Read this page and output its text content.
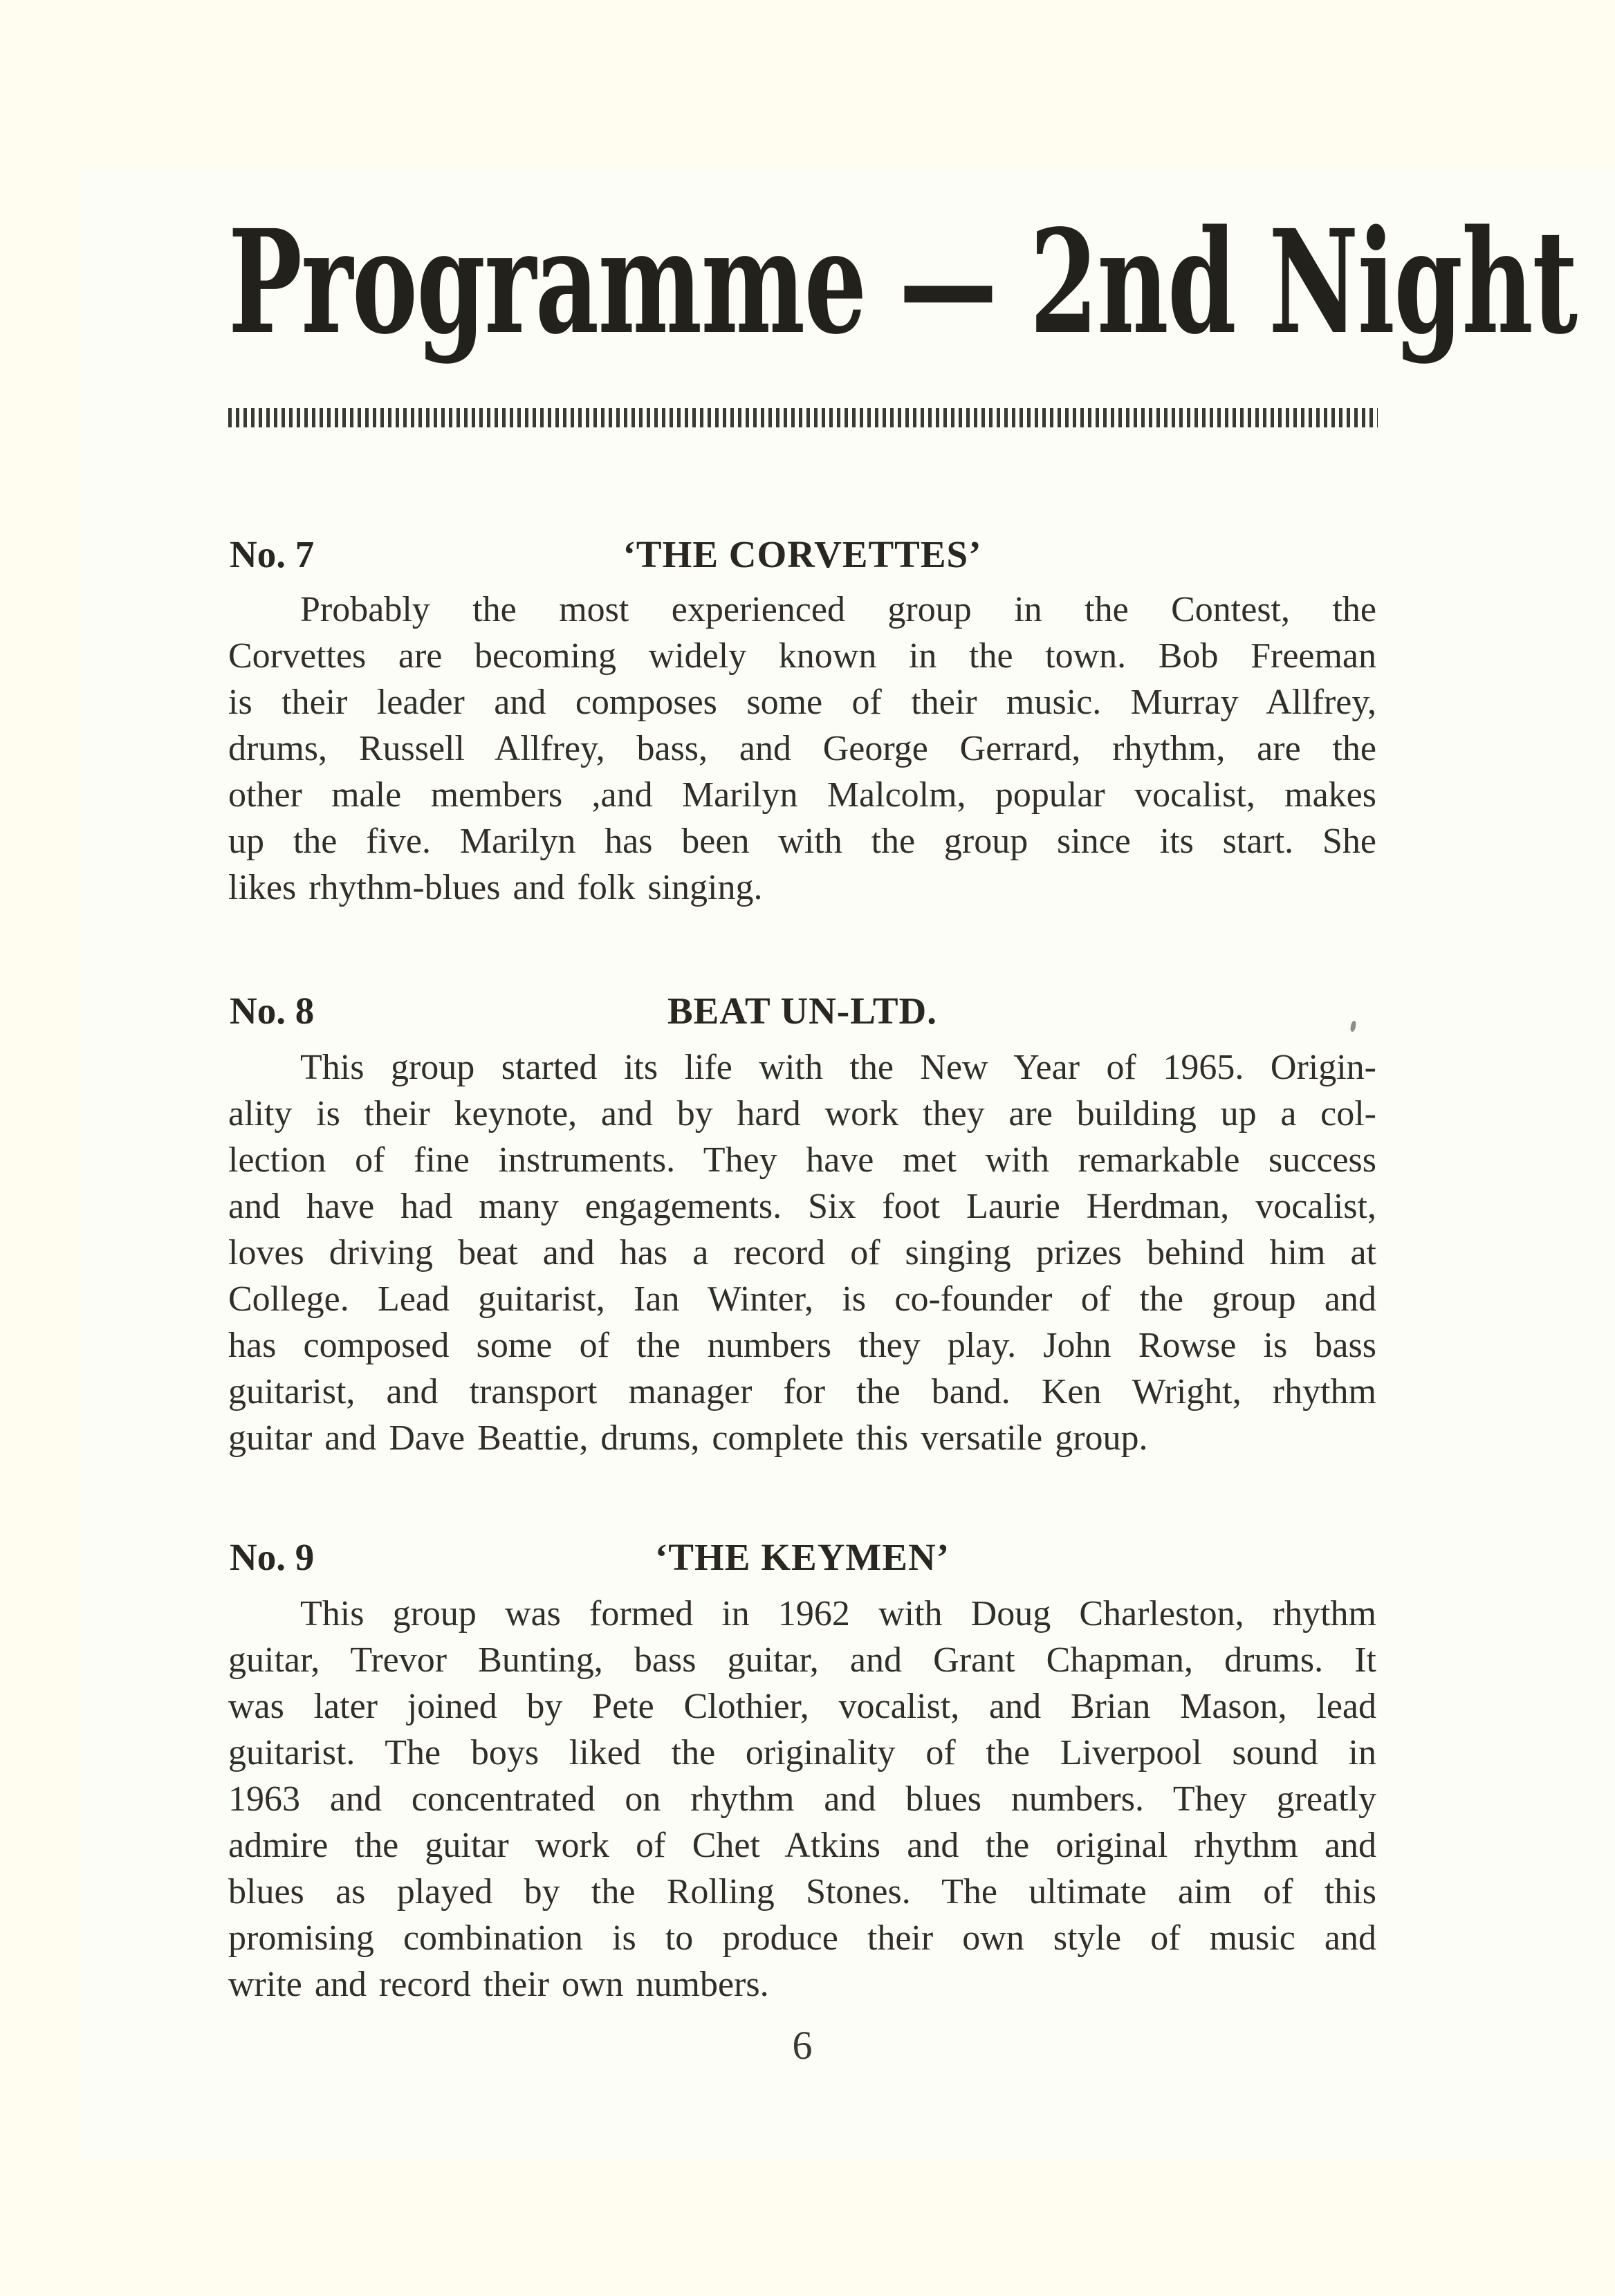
Programme — 2nd Night
No. 7	‘THE CORVETTES’
Probably the most experienced group in the Contest, the
Corvettes are becoming widely known in the town. Bob Freeman
is their leader and composes some of their music. Murray Allfrey,
drums, Russell Allfrey, bass, and George Gerrard, rhythm, are the
other male members ,and Marilyn Malcolm, popular vocalist, makes
up the five. Marilyn has been with the group since its start. She
likes rhythm-blues and folk singing.
No. 8	BEAT UN-LTD.
This group started its life with the New Year of 1965. Origin-
ality is their keynote, and by hard work they are building up a col-
lection of fine instruments. They have met with remarkable success
and have had many engagements. Six foot Laurie Herdman, vocalist,
loves driving beat and has a record of singing prizes behind him at
College. Lead guitarist, Ian Winter, is co-founder of the group and
has composed some of the numbers they play. John Rowse is bass
guitarist, and transport manager for the band. Ken Wright, rhythm
guitar and Dave Beattie, drums, complete this versatile group.
No. 9	‘THE KEYMEN’
This group was formed in 1962 with Doug Charleston, rhythm
guitar, Trevor Bunting, bass guitar, and Grant Chapman, drums. It
was later joined by Pete Clothier, vocalist, and Brian Mason, lead
guitarist. The boys liked the originality of the Liverpool sound in
1963 and concentrated on rhythm and blues numbers. They greatly
admire the guitar work of Chet Atkins and the original rhythm and
blues as played by the Rolling Stones. The ultimate aim of this
promising combination is to produce their own style of music and
write and record their own numbers.
6
